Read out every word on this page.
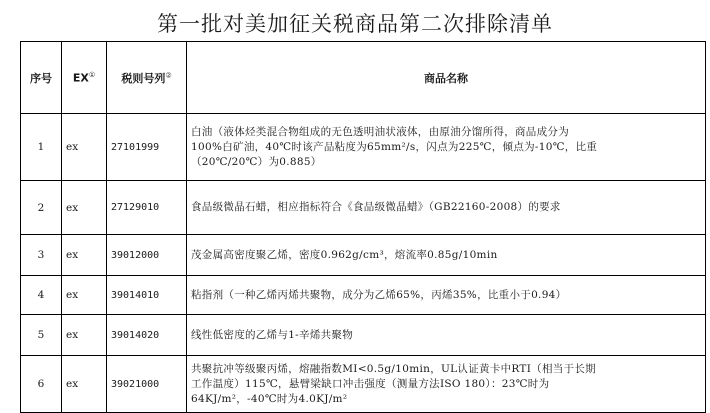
第一批对美加征关税商品第二次排除清单
序号	EX①	税则号列②	商品名称
1	ex	27101999	白油（液体烃类混合物组成的无色透明油状液体，由原油分馏所得，商品成分为
100%白矿油，40℃时该产品粘度为65mm²/s，闪点为225℃，倾点为-10℃，比重
（20℃/20℃）为0.885）

2	ex	27129010	食品级微晶石蜡，相应指标符合《食品级微晶蜡》（GB22160-2008）的要求

3	ex	39012000	茂金属高密度聚乙烯，密度0.962g/cm³，熔流率0.85g/10min

4	ex	39014010	粘指剂（一种乙烯丙烯共聚物，成分为乙烯65%，丙烯35%，比重小于0.94）

5	ex	39014020	线性低密度的乙烯与1-辛烯共聚物

6	ex	39021000	共聚抗冲等级聚丙烯，熔融指数MI<0.5g/10min，UL认证黄卡中RTI（相当于长期
工作温度）115℃，悬臂梁缺口冲击强度（测量方法ISO 180）：23℃时为
64KJ/m²，-40℃时为4.0KJ/m²
